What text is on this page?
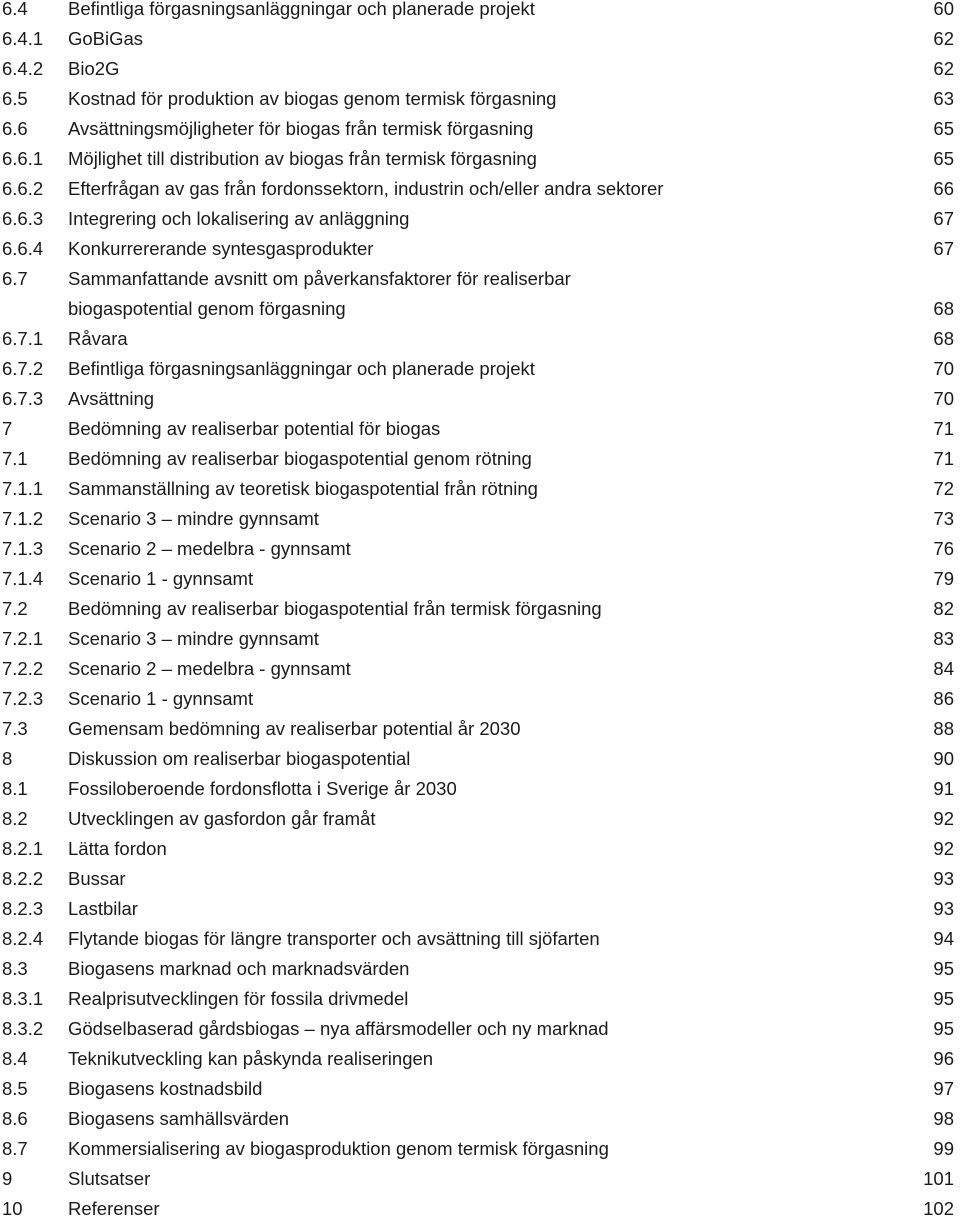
6.4 Befintliga förgasningsanläggningar och planerade projekt	60
6.4.1 GoBiGas	62
6.4.2 Bio2G	62
6.5 Kostnad för produktion av biogas genom termisk förgasning	63
6.6 Avsättningsmöjligheter för biogas från termisk förgasning	65
6.6.1 Möjlighet till distribution av biogas från termisk förgasning	65
6.6.2 Efterfrågan av gas från fordonssektorn, industrin och/eller andra sektorer	66
6.6.3 Integrering och lokalisering av anläggning	67
6.6.4 Konkurrererande syntesgasprodukter	67
6.7 Sammanfattande avsnitt om påverkansfaktorer för realiserbar biogaspotential genom förgasning	68
6.7.1 Råvara	68
6.7.2 Befintliga förgasningsanläggningar och planerade projekt	70
6.7.3 Avsättning	70
7	Bedömning av realiserbar potential för biogas	71
7.1 Bedömning av realiserbar biogaspotential genom rötning	71
7.1.1 Sammanställning av teoretisk biogaspotential från rötning	72
7.1.2 Scenario 3 – mindre gynnsamt	73
7.1.3 Scenario 2 – medelbra - gynnsamt	76
7.1.4 Scenario 1 - gynnsamt	79
7.2 Bedömning av realiserbar biogaspotential från termisk förgasning	82
7.2.1 Scenario 3 – mindre gynnsamt	83
7.2.2 Scenario 2 – medelbra - gynnsamt	84
7.2.3 Scenario 1 - gynnsamt	86
7.3 Gemensam bedömning av realiserbar potential år 2030	88
8	Diskussion om realiserbar biogaspotential	90
8.1 Fossiloberoende fordonsflotta i Sverige år 2030	91
8.2 Utvecklingen av gasfordon går framåt	92
8.2.1 Lätta fordon	92
8.2.2 Bussar	93
8.2.3 Lastbilar	93
8.2.4 Flytande biogas för längre transporter och avsättning till sjöfarten	94
8.3 Biogasens marknad och marknadsvärden	95
8.3.1 Realprisutvecklingen för fossila drivmedel	95
8.3.2 Gödselbaserad gårdsbiogas – nya affärsmodeller och ny marknad	95
8.4 Teknikutveckling kan påskynda realiseringen	96
8.5 Biogasens kostnadsbild	97
8.6 Biogasens samhällsvärden	98
8.7 Kommersialisering av biogasproduktion genom termisk förgasning	99
9	Slutsatser	101
10 Referenser	102
